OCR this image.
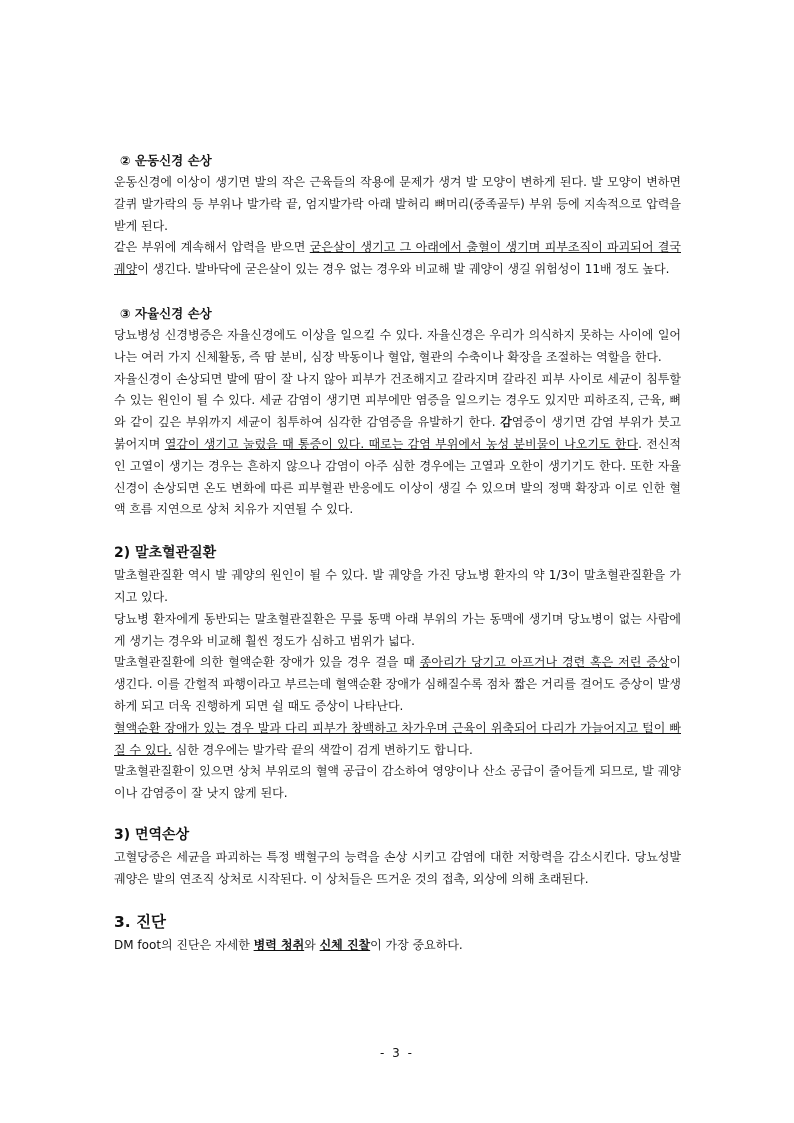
② 운동신경 손상

운동신경에 이상이 생기면 발의 작은 근육들의 작용에 문제가 생겨 발 모양이 변하게 된다. 발 모양이 변하면 갈퀴 발가락의 등 부위나 발가락 끝, 엄지발가락 아래 발허리 뼈머리(중족골두) 부위 등에 지속적으로 압력을 받게 된다.

같은 부위에 계속해서 압력을 받으면 굳은살이 생기고 그 아래에서 출혈이 생기며 피부조직이 파괴되어 결국 궤양이 생긴다. 발바닥에 굳은살이 있는 경우 없는 경우와 비교해 발 궤양이 생길 위험성이 11배 정도 높다.

③ 자율신경 손상

당뇨병성 신경병증은 자율신경에도 이상을 일으킬 수 있다. 자율신경은 우리가 의식하지 못하는 사이에 일어나는 여러 가지 신체활동, 즉 땀 분비, 심장 박동이나 혈압, 혈관의 수축이나 확장을 조절하는 역할을 한다.

자율신경이 손상되면 발에 땀이 잘 나지 않아 피부가 건조해지고 갈라지며 갈라진 피부 사이로 세균이 침투할 수 있는 원인이 될 수 있다. 세균 감염이 생기면 피부에만 염증을 일으키는 경우도 있지만 피하조직, 근육, 뼈와 같이 깊은 부위까지 세균이 침투하여 심각한 감염증을 유발하기 한다. 감염증이 생기면 감염 부위가 붓고 붉어지며 열감이 생기고 눌렀을 때 통증이 있다. 때로는 감염 부위에서 농성 분비물이 나오기도 한다. 전신적인 고열이 생기는 경우는 흔하지 않으나 감염이 아주 심한 경우에는 고열과 오한이 생기기도 한다. 또한 자율신경이 손상되면 온도 변화에 따른 피부혈관 반응에도 이상이 생길 수 있으며 발의 정맥 확장과 이로 인한 혈액 흐름 지연으로 상처 치유가 지연될 수 있다.

2) 말초혈관질환

말초혈관질환 역시 발 궤양의 원인이 될 수 있다. 발 궤양을 가진 당뇨병 환자의 약 1/3이 말초혈관질환을 가지고 있다.

당뇨병 환자에게 동반되는 말초혈관질환은 무릎 동맥 아래 부위의 가는 동맥에 생기며 당뇨병이 없는 사람에게 생기는 경우와 비교해 훨씬 정도가 심하고 범위가 넓다.

말초혈관질환에 의한 혈액순환 장애가 있을 경우 걸을 때 종아리가 당기고 아프거나 경련 혹은 저린 증상이 생긴다. 이를 간헐적 파행이라고 부르는데 혈액순환 장애가 심해질수록 점차 짧은 거리를 걸어도 증상이 발생하게 되고 더욱 진행하게 되면 쉴 때도 증상이 나타난다.

혈액순환 장애가 있는 경우 발과 다리 피부가 창백하고 차가우며 근육이 위축되어 다리가 가늘어지고 털이 빠질 수 있다. 심한 경우에는 발가락 끝의 색깔이 검게 변하기도 합니다.

말초혈관질환이 있으면 상처 부위로의 혈액 공급이 감소하여 영양이나 산소 공급이 줄어들게 되므로, 발 궤양이나 감염증이 잘 낫지 않게 된다.

3) 면역손상

고혈당증은 세균을 파괴하는 특정 백혈구의 능력을 손상 시키고 감염에 대한 저항력을 감소시킨다. 당뇨성발궤양은 발의 연조직 상처로 시작된다. 이 상처들은 뜨거운 것의 접촉, 외상에 의해 초래된다.

3. 진단

DM foot의 진단은 자세한 병력 청취와 신체 진찰이 가장 중요하다.

- 3 -
